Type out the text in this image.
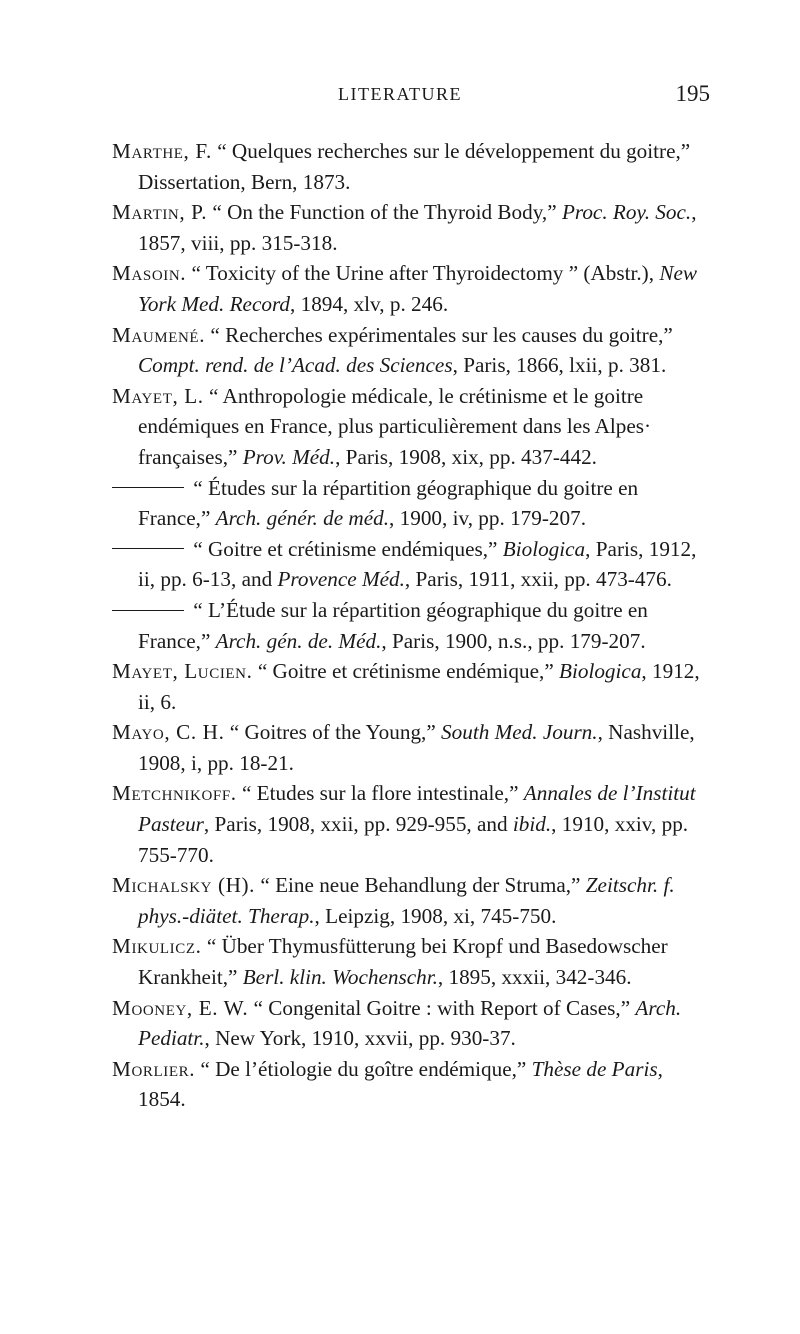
LITERATURE	195

Marthe, F. “ Quelques recherches sur le développement du goitre,” Dissertation, Bern, 1873.

Martin, P. “ On the Function of the Thyroid Body,” Proc. Roy. Soc., 1857, viii, pp. 315-318.

Masoin. “ Toxicity of the Urine after Thyroidectomy ” (Abstr.), New York Med. Record, 1894, xlv, p. 246.

Maumené. “ Recherches expérimentales sur les causes du goitre,” Compt. rend. de l’Acad. des Sciences, Paris, 1866, lxii, p. 381.

Mayet, L. “ Anthropologie médicale, le crétinisme et le goitre endémiques en France, plus particulièrement dans les Alpes· françaises,” Prov. Méd., Paris, 1908, xix, pp. 437-442.

“ Études sur la répartition géographique du goitre en France,” Arch. génér. de méd., 1900, iv, pp. 179-207.

“ Goitre et crétinisme endémiques,” Biologica, Paris, 1912, ii, pp. 6-13, and Provence Méd., Paris, 1911, xxii, pp. 473-476.

“ L’Étude sur la répartition géographique du goitre en France,” Arch. gén. de. Méd., Paris, 1900, n.s., pp. 179-207.

Mayet, Lucien. “ Goitre et crétinisme endémique,” Biologica, 1912, ii, 6.

Mayo, C. H. “ Goitres of the Young,” South Med. Journ., Nashville, 1908, i, pp. 18-21.

Metchnikoff. “ Etudes sur la flore intestinale,” Annales de l’Institut Pasteur, Paris, 1908, xxii, pp. 929-955, and ibid., 1910, xxiv, pp. 755-770.

Michalsky (H). “ Eine neue Behandlung der Struma,” Zeitschr. f. phys.-diätet. Therap., Leipzig, 1908, xi, 745-750.

Mikulicz. “ Über Thymusfütterung bei Kropf und Basedowscher Krankheit,” Berl. klin. Wochenschr., 1895, xxxii, 342-346.

Mooney, E. W. “ Congenital Goitre : with Report of Cases,” Arch. Pediatr., New York, 1910, xxvii, pp. 930-37.

Morlier. “ De l’étiologie du goître endémique,” Thèse de Paris, 1854.
